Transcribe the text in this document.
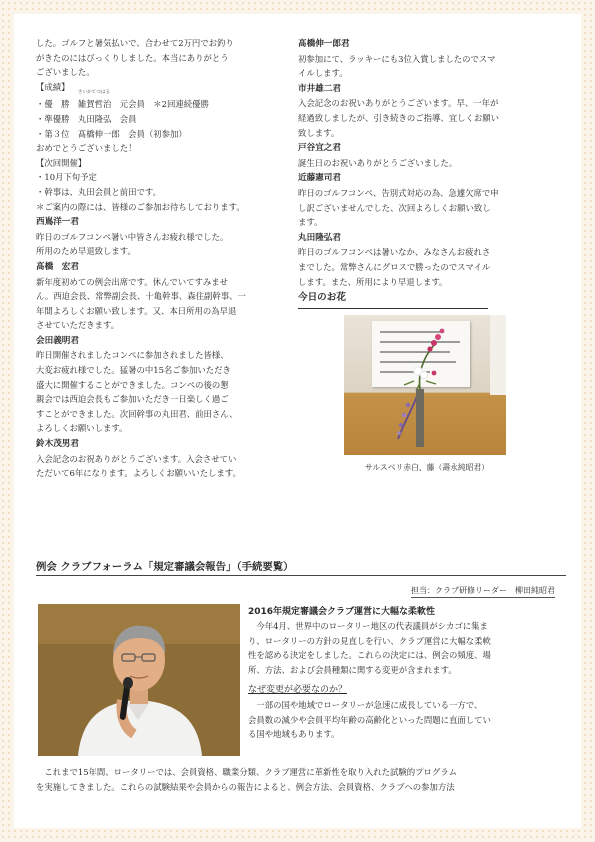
した。ゴルフと暑気払いで、合わせて2万円でお釣り

がきたのにはびっくりしました。本当にありがとう

ございました。

【成績】

・優　勝　
さいかてつはる
雑賀哲治　元会員　＊2回連続優勝

・準優勝　丸田隆弘　会員

・第３位　髙橋伸一郎　会員（初参加）

おめでとうございました！

【次回開催】

・10月下旬予定

・幹事は、丸田会員と前田です。

＊ご案内の際には、皆様のご参加お待ちしております。

西嶌洋一君

昨日のゴルフコンペ暑い中皆さんお疲れ様でした。

所用のため早退致します。

髙橋　宏君

新年度初めての例会出席です。休んでいてすみませ

ん。西迫会長、常弊副会長、十亀幹事、森住副幹事、一

年間よろしくお願い致します。又、本日所用の為早退

させていただきます。

会田義明君

昨日開催されましたコンペに参加されました皆様、

大変お疲れ様でした。猛暑の中15名ご参加いただき

盛大に開催することができました。コンペの後の懇

親会では西迫会長もご参加いただき一日楽しく過ご

すことができました。次回幹事の丸田君、前田さん、

よろしくお願いします。

鈴木茂男君

入会記念のお祝ありがとうございます。入会させてい

ただいて6年になります。よろしくお願いいたします。

髙橋伸一郎君

初参加にて、ラッキーにも3位入賞しましたのでスマ

イルします。

市井雄二君

入会記念のお祝いありがとうございます。早、一年が

経過致しましたが、引き続きのご指導、宜しくお願い

致します。

戸谷宜之君

誕生日のお祝いありがとうございました。

近藤憲司君

昨日のゴルフコンペ、告別式対応の為、急遽欠席で申

し訳ございませんでした、次回よろしくお願い致し

ます。

丸田隆弘君

昨日のゴルフコンペは暑いなか、みなさんお疲れさ

までした。常弊さんにグロスで勝ったのでスマイル

します。また、所用により早退します。

今日のお花
サルスベリ赤白、藤（壽永純昭君）
例会 クラブフォーラム「規定審議会報告」（手続要覧）
担当：クラブ研修リーダー　柳田純昭君
2016年規定審議会クラブ運営に大幅な柔軟性

今年4月、世界中のロータリー地区の代表議員がシカゴに集ま

り、ロータリーの方針の見直しを行い、クラブ運営に大幅な柔軟

性を認める決定をしました。これらの決定には、例会の頻度、場

所、方法、および会員種類に関する変更が含まれます。

なぜ変更が必要なのか？

一部の国や地域でロータリーが急速に成長している一方で、

会員数の減少や会員平均年齢の高齢化といった問題に直面してい

る国や地域もあります。

これまで15年間、ロータリーでは、会員資格、職業分類、クラブ運営に革新性を取り入れた試験的プログラム

を実施してきました。これらの試験結果や会員からの報告によると、例会方法、会員資格、クラブへの参加方法
